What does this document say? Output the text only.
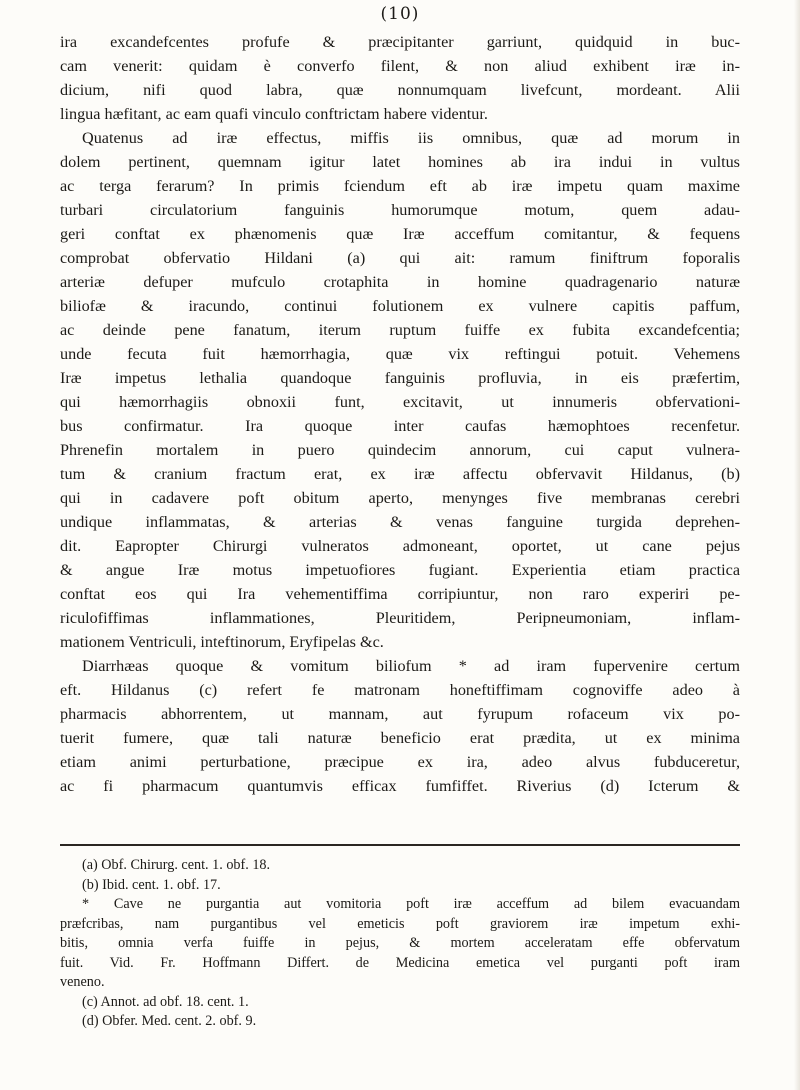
(10)
ira excandefcentes profufe & præcipitanter garriunt, quidquid in buc-
cam venerit: quidam è converfo filent, & non aliud exhibent iræ in-
dicium, nifi quod labra, quæ nonnumquam livefcunt, mordeant. Alii
lingua hæfitant, ac eam quafi vinculo conftrictam habere videntur.
Quatenus ad iræ effectus, miffis iis omnibus, quæ ad morum in
dolem pertinent, quemnam igitur latet homines ab ira indui in vultus
ac terga ferarum? In primis fciendum eft ab iræ impetu quam maxime
turbari circulatorium fanguinis humorumque motum, quem adau-
geri conftat ex phænomenis quæ Iræ acceffum comitantur, & fequens
comprobat obfervatio Hildani (a) qui ait: ramum finiftrum foporalis
arteriæ defuper mufculo crotaphita in homine quadragenario naturæ
biliofæ & iracundo, continui folutionem ex vulnere capitis paffum,
ac deinde pene fanatum, iterum ruptum fuiffe ex fubita excandefcentia;
unde fecuta fuit hæmorrhagia, quæ vix reftingui potuit. Vehemens
Iræ impetus lethalia quandoque fanguinis profluvia, in eis præfertim,
qui hæmorrhagiis obnoxii funt, excitavit, ut innumeris obfervationi-
bus confirmatur. Ira quoque inter caufas hæmophtoes recenfetur.
Phrenefin mortalem in puero quindecim annorum, cui caput vulnera-
tum & cranium fractum erat, ex iræ affectu obfervavit Hildanus, (b)
qui in cadavere poft obitum aperto, menynges five membranas cerebri
undique inflammatas, & arterias & venas fanguine turgida deprehen-
dit. Eapropter Chirurgi vulneratos admoneant, oportet, ut cane pejus
& angue Iræ motus impetuofiores fugiant. Experientia etiam practica
conftat eos qui Ira vehementiffima corripiuntur, non raro experiri pe-
riculofiffimas inflammationes, Pleuritidem, Peripneumoniam, inflam-
mationem Ventriculi, inteftinorum, Eryfipelas &c.
Diarrhæas quoque & vomitum biliofum * ad iram fupervenire certum
eft. Hildanus (c) refert fe matronam honeftiffimam cognoviffe adeo à
pharmacis abhorrentem, ut mannam, aut fyrupum rofaceum vix po-
tuerit fumere, quæ tali naturæ beneficio erat prædita, ut ex minima
etiam animi perturbatione, præcipue ex ira, adeo alvus fubduceretur,
ac fi pharmacum quantumvis efficax fumfiffet. Riverius (d) Icterum &
(a) Obf. Chirurg. cent. 1. obf. 18.
(b) Ibid. cent. 1. obf. 17.
* Cave ne purgantia aut vomitoria poft iræ acceffum ad bilem evacuandam
præfcribas, nam purgantibus vel emeticis poft graviorem iræ impetum exhi-
bitis, omnia verfa fuiffe in pejus, & mortem acceleratam effe obfervatum
fuit. Vid. Fr. Hoffmann Differt. de Medicina emetica vel purganti poft iram
veneno.
(c) Annot. ad obf. 18. cent. 1.
(d) Obfer. Med. cent. 2. obf. 9.
